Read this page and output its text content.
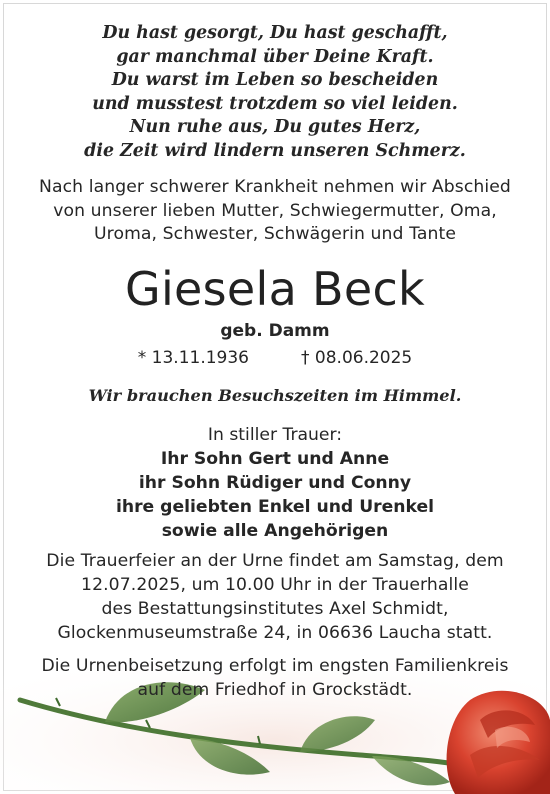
Du hast gesorgt, Du hast geschafft,
gar manchmal über Deine Kraft.
Du warst im Leben so bescheiden
und musstest trotzdem so viel leiden.
Nun ruhe aus, Du gutes Herz,
die Zeit wird lindern unseren Schmerz.
Nach langer schwerer Krankheit nehmen wir Abschied
von unserer lieben Mutter, Schwiegermutter, Oma,
Uroma, Schwester, Schwägerin und Tante
Giesela Beck
geb. Damm
* 13.11.1936	† 08.06.2025
Wir brauchen Besuchszeiten im Himmel.
In stiller Trauer:
Ihr Sohn Gert und Anne
ihr Sohn Rüdiger und Conny
ihre geliebten Enkel und Urenkel
sowie alle Angehörigen
Die Trauerfeier an der Urne findet am Samstag, dem
12.07.2025, um 10.00 Uhr in der Trauerhalle
des Bestattungsinstitutes Axel Schmidt,
Glockenmuseumstraße 24, in 06636 Laucha statt.
Die Urnenbeisetzung erfolgt im engsten Familienkreis
auf dem Friedhof in Grockstädt.
